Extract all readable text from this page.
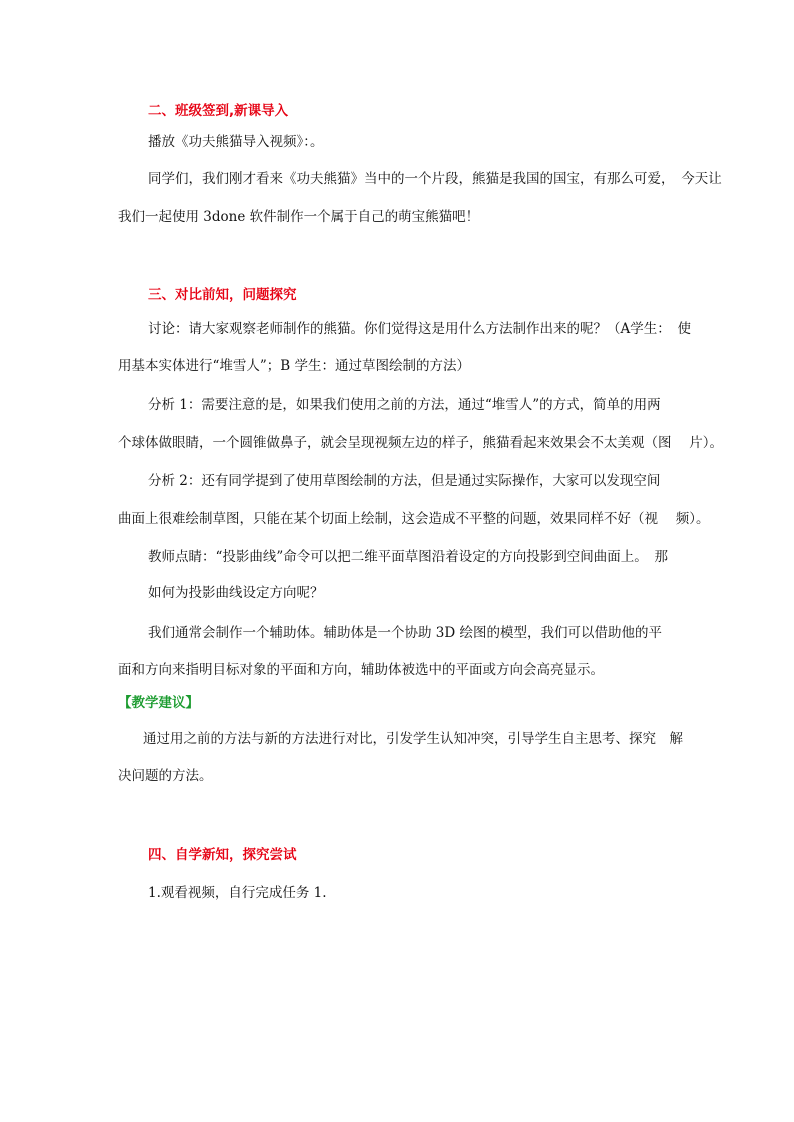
二、班级签到,新课导入
播放《功夫熊猫导入视频》：。
同学们，我们刚才看来《功夫熊猫》当中的一个片段，熊猫是我国的国宝，有那么可爱，　今天让
我们一起使用 3done 软件制作一个属于自己的萌宝熊猫吧！
三、对比前知，问题探究
讨论：请大家观察老师制作的熊猫。你们觉得这是用什么方法制作出来的呢？（A学生：　使
用基本实体进行“堆雪人”；B 学生：通过草图绘制的方法）
分析 1：需要注意的是，如果我们使用之前的方法，通过“堆雪人”的方式，简单的用两
个球体做眼睛，一个圆锥做鼻子，就会呈现视频左边的样子，熊猫看起来效果会不太美观（图　 片）。
分析 2：还有同学提到了使用草图绘制的方法，但是通过实际操作，大家可以发现空间
曲面上很难绘制草图，只能在某个切面上绘制，这会造成不平整的问题，效果同样不好（视　 频）。
教师点睛：“投影曲线”命令可以把二维平面草图沿着设定的方向投影到空间曲面上。　那
如何为投影曲线设定方向呢？
我们通常会制作一个辅助体。辅助体是一个协助 3D 绘图的模型，我们可以借助他的平
面和方向来指明目标对象的平面和方向，辅助体被选中的平面或方向会高亮显示。
【教学建议】
通过用之前的方法与新的方法进行对比，引发学生认知冲突，引导学生自主思考、探究　解
决问题的方法。
四、自学新知，探究尝试
1.观看视频，自行完成任务 1.
